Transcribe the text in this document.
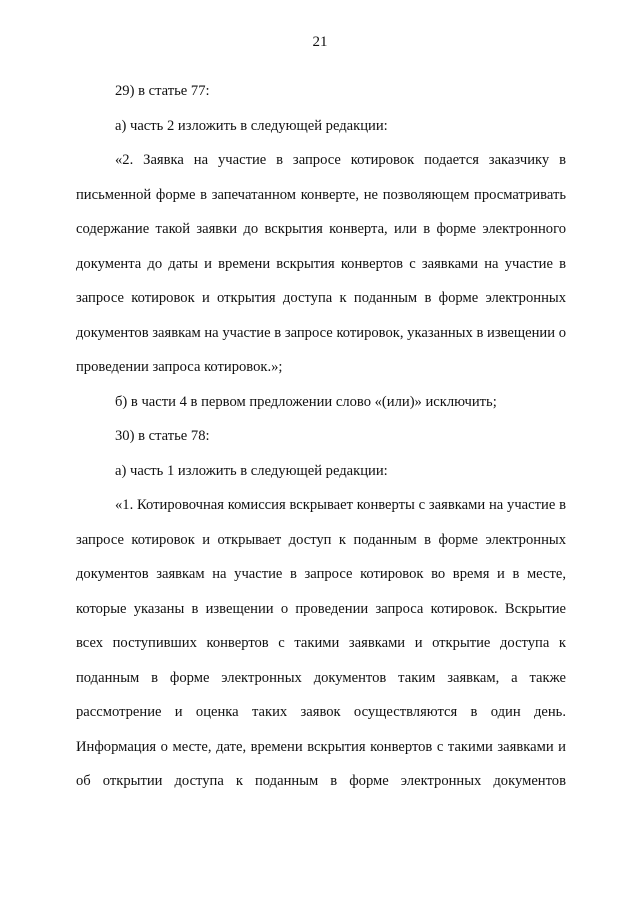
21

29) в статье 77:

а) часть 2 изложить в следующей редакции:

«2. Заявка на участие в запросе котировок подается заказчику в письменной форме в запечатанном конверте, не позволяющем просматривать содержание такой заявки до вскрытия конверта, или в форме электронного документа до даты и времени вскрытия конвертов с заявками на участие в запросе котировок и открытия доступа к поданным в форме электронных документов заявкам на участие в запросе котировок, указанных в извещении о проведении запроса котировок.»;

б) в части 4 в первом предложении слово «(или)» исключить;

30) в статье 78:

а) часть 1 изложить в следующей редакции:

«1. Котировочная комиссия вскрывает конверты с заявками на участие в запросе котировок и открывает доступ к поданным в форме электронных документов заявкам на участие в запросе котировок во время и в месте, которые указаны в извещении о проведении запроса котировок. Вскрытие всех поступивших конвертов с такими заявками и открытие доступа к поданным в форме электронных документов таким заявкам, а также рассмотрение и оценка таких заявок осуществляются в один день. Информация о месте, дате, времени вскрытия конвертов с такими заявками и об открытии доступа к поданным в форме электронных документов
